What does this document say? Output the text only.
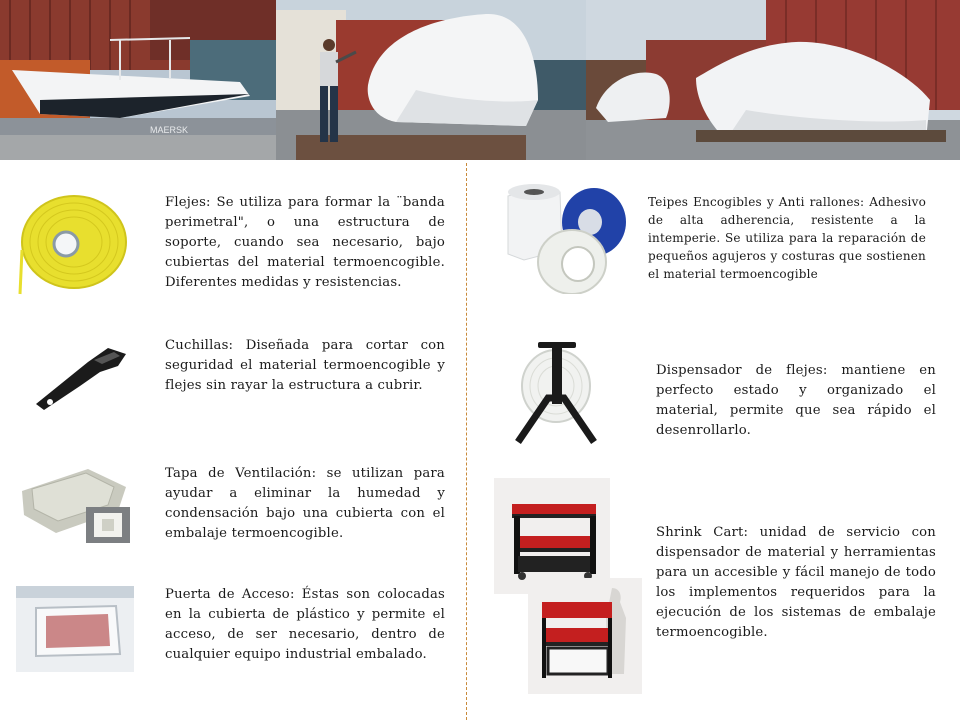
MAERSK
Flejes: Se utiliza para formar la ¨banda perimetral", o una estructura de soporte, cuando sea necesario, bajo cubiertas del material termoencogible. Diferentes medidas y resistencias.
Cuchillas: Diseñada para cortar con seguridad el material termoencogible y flejes sin rayar la estructura a cubrir.
Tapa de Ventilación: se utilizan para ayudar a eliminar la humedad y condensación bajo una cubierta con el embalaje termoencogible.
Puerta de Acceso: Éstas son colocadas en la cubierta de plástico y permite el acceso, de ser necesario, dentro de cualquier equipo industrial embalado.
Teipes Encogibles y Anti rallones: Adhesivo de alta adherencia, resistente a la intemperie. Se utiliza para la reparación de pequeños agujeros y costuras que sostienen el material termoencogible
Dispensador de flejes: mantiene en perfecto estado y organizado el material, permite que sea rápido el desenrollarlo.
Shrink Cart: unidad de servicio con dispensador de material y herramientas para un accesible y fácil manejo de todo los implementos requeridos para la ejecución de los sistemas de embalaje termoencogible.
